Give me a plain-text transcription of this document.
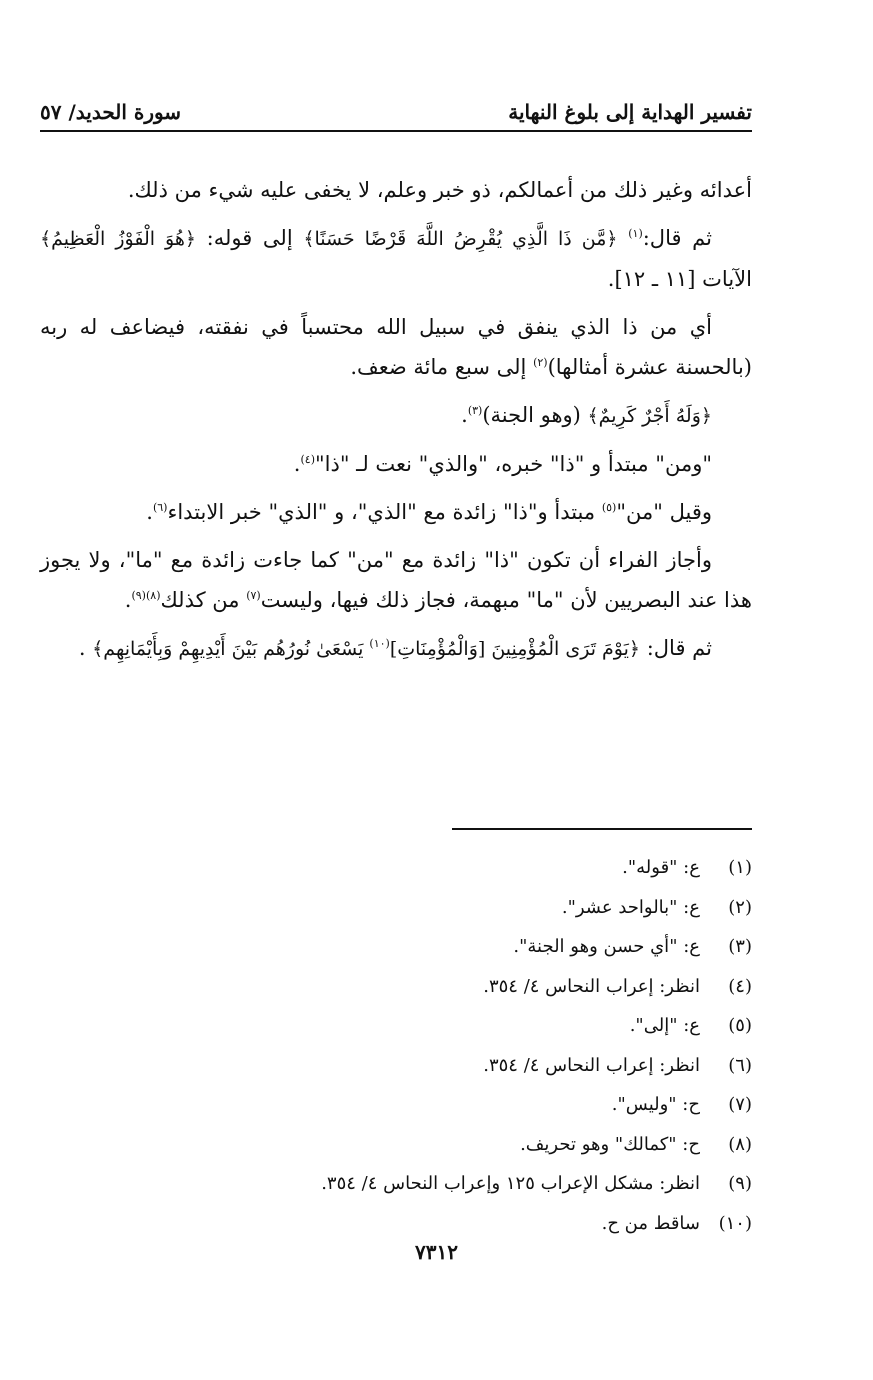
تفسير الهداية إلى بلوغ النهاية
سورة الحديد/ ٥٧

أعدائه وغير ذلك من أعمالكم، ذو خبر وعلم، لا يخفى عليه شيء من ذلك.

ثم قال:$^{(١)}$ ﴿مَّن ذَا الَّذِي يُقْرِضُ اللَّهَ قَرْضًا حَسَنًا﴾ إلى قوله: ﴿هُوَ الْفَوْزُ الْعَظِيمُ﴾ الآيات [١١ ـ ١٢].

أي من ذا الذي ينفق في سبيل الله محتسباً في نفقته، فيضاعف له ربه (بالحسنة عشرة أمثالها)$^{(٢)}$ إلى سبع مائة ضعف.

﴿وَلَهُ أَجْرٌ كَرِيمٌ﴾ (وهو الجنة)$^{(٣)}$.

"ومن" مبتدأ و "ذا" خبره، "والذي" نعت لـ "ذا"$^{(٤)}$.

وقيل "من"$^{(٥)}$ مبتدأ و"ذا" زائدة مع "الذي"، و "الذي" خبر الابتداء$^{(٦)}$.

وأجاز الفراء أن تكون "ذا" زائدة مع "من" كما جاءت زائدة مع "ما"، ولا يجوز هذا عند البصريين لأن "ما" مبهمة، فجاز ذلك فيها، وليست$^{(٧)}$ من كذلك$^{(٨)(٩)}$.

ثم قال: ﴿يَوْمَ تَرَى الْمُؤْمِنِينَ [وَالْمُؤْمِنَاتِ]$^{(١٠)}$ يَسْعَىٰ نُورُهُم بَيْنَ أَيْدِيهِمْ وَبِأَيْمَانِهِم﴾ .

(١)
ع: "قوله".
(٢)
ع: "بالواحد عشر".
(٣)
ع: "أي حسن وهو الجنة".
(٤)
انظر: إعراب النحاس ٤/ ٣٥٤.
(٥)
ع: "إلى".
(٦)
انظر: إعراب النحاس ٤/ ٣٥٤.
(٧)
ح: "وليس".
(٨)
ح: "كمالك" وهو تحريف.
(٩)
انظر: مشكل الإعراب ١٢٥ وإعراب النحاس ٤/ ٣٥٤.
(١٠)
ساقط من ح.
٧٣١٢
